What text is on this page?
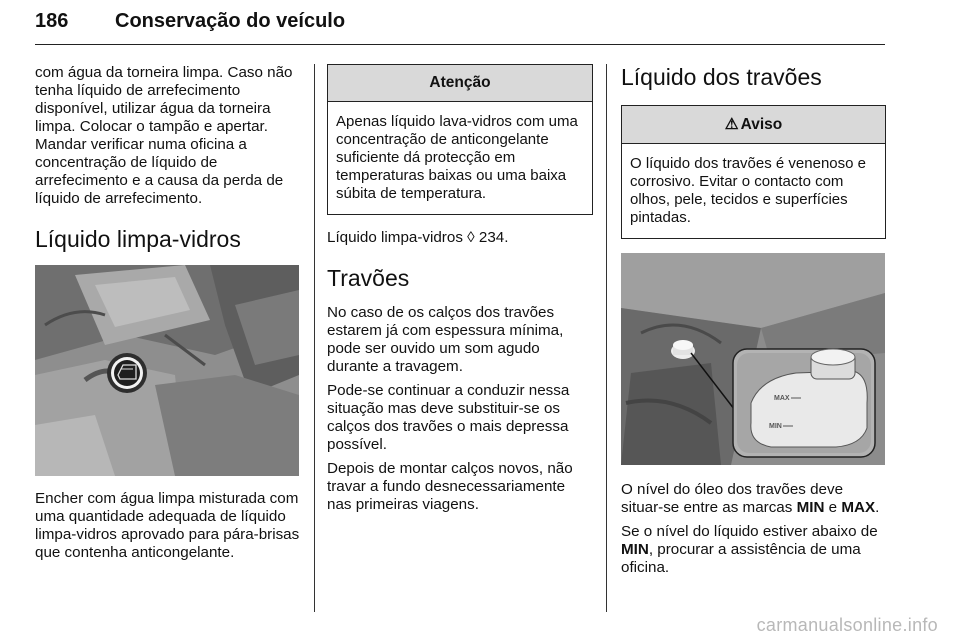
186 Conservação do veículo

com água da torneira limpa. Caso não tenha líquido de arrefecimento disponível, utilizar água da torneira limpa. Colocar o tampão e apertar. Mandar verificar numa oficina a concentração de líquido de arrefecimento e a causa da perda de líquido de arrefecimento.

Líquido limpa-vidros

Encher com água limpa misturada com uma quantidade adequada de líquido limpa-vidros aprovado para pára-brisas que contenha anticongelante.

Atenção

Apenas líquido lava-vidros com uma concentração de anticongelante suficiente dá protecção em temperaturas baixas ou uma baixa súbita de temperatura.

Líquido limpa-vidros ◊ 234.

Travões

No caso de os calços dos travões estarem já com espessura mínima, pode ser ouvido um som agudo durante a travagem.

Pode-se continuar a conduzir nessa situação mas deve substituir-se os calços dos travões o mais depressa possível.

Depois de montar calços novos, não travar a fundo desnecessariamente nas primeiras viagens.

Líquido dos travões
⚠ Aviso

O líquido dos travões é venenoso e corrosivo. Evitar o contacto com olhos, pele, tecidos e superfícies pintadas.

MAX
MIN

O nível do óleo dos travões deve situar-se entre as marcas MIN e MAX.

Se o nível do líquido estiver abaixo de MIN, procurar a assistência de uma oficina.

carmanualsonline.info
